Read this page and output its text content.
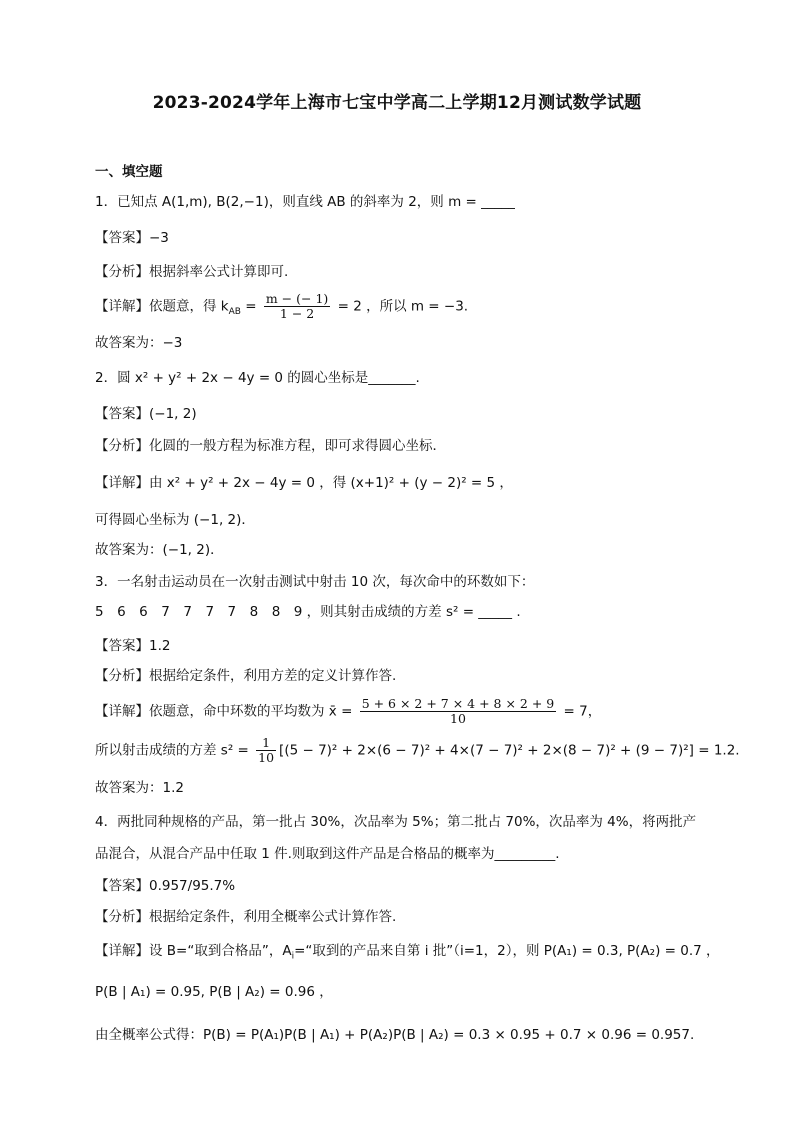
2023-2024学年上海市七宝中学高二上学期12月测试数学试题
一、填空题
1．已知点 A(1,m), B(2,−1)，则直线 AB 的斜率为 2，则 m = _____
【答案】−3
【分析】根据斜率公式计算即可.
【详解】依题意，得 $k_{AB} = \frac{m - (- 1)}{1 - 2} = 2$ ，所以 m = −3.
故答案为：−3
2．圆 x² + y² + 2x − 4y = 0 的圆心坐标是_______.
【答案】(−1, 2)
【分析】化圆的一般方程为标准方程，即可求得圆心坐标．
【详解】由 x² + y² + 2x − 4y = 0 ，得 (x+1)² + (y − 2)² = 5 ，
可得圆心坐标为 (−1, 2)．
故答案为：(−1, 2)．
3．一名射击运动员在一次射击测试中射击 10 次，每次命中的环数如下：
5　6　6　7　7　7　7　8　8　9 ，则其射击成绩的方差 s² = _____ .
【答案】1.2
【分析】根据给定条件，利用方差的定义计算作答.
【详解】依题意，命中环数的平均数为 x̄ = $\frac{5 + 6 \times 2 + 7 \times 4 + 8 \times 2 + 9}{10} = 7$，
所以射击成绩的方差 $s^2 = \frac{1}{10} [(5 - 7)^2 + 2\times(6 - 7)^2 + 4\times(7 - 7)^2 + 2\times(8 - 7)^2 + (9 - 7)^2] = 1.2$.
故答案为：1.2
4．两批同种规格的产品，第一批占 30%，次品率为 5%；第二批占 70%，次品率为 4%，将两批产
品混合，从混合产品中任取 1 件.则取到这件产品是合格品的概率为_________.
【答案】0.957/95.7%
【分析】根据给定条件，利用全概率公式计算作答.
【详解】设 B=“取到合格品”，$A_i=“$取到的产品来自第 i 批”（i=1，2），则 P(A₁) = 0.3, P(A₂) = 0.7 ，
P(B | A₁) = 0.95, P(B | A₂) = 0.96 ，
由全概率公式得：P(B) = P(A₁)P(B | A₁) + P(A₂)P(B | A₂) = 0.3 × 0.95 + 0.7 × 0.96 = 0.957.
